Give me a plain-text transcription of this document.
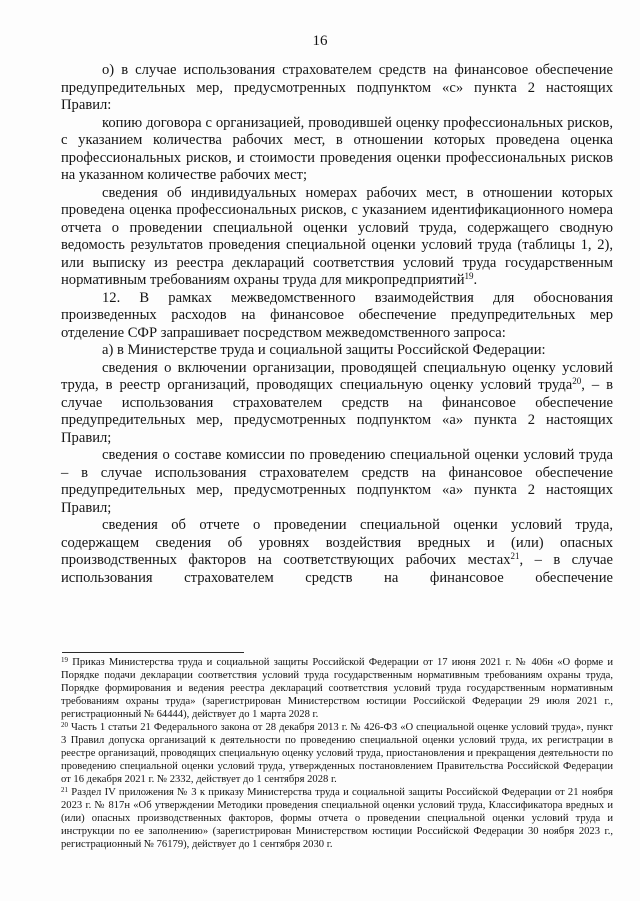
16

о) в случае использования страхователем средств на финансовое обеспечение предупредительных мер, предусмотренных подпунктом «с» пункта 2 настоящих Правил:

копию договора с организацией, проводившей оценку профессиональных рисков, с указанием количества рабочих мест, в отношении которых проведена оценка профессиональных рисков, и стоимости проведения оценки профессиональных рисков на указанном количестве рабочих мест;

сведения об индивидуальных номерах рабочих мест, в отношении которых проведена оценка профессиональных рисков, с указанием идентификационного номера отчета о проведении специальной оценки условий труда, содержащего сводную ведомость результатов проведения специальной оценки условий труда (таблицы 1, 2), или выписку из реестра деклараций соответствия условий труда государственным нормативным требованиям охраны труда для микропредприятий$^{19}$.

12. В рамках межведомственного взаимодействия для обоснования произведенных расходов на финансовое обеспечение предупредительных мер отделение СФР запрашивает посредством межведомственного запроса:

а) в Министерстве труда и социальной защиты Российской Федерации:

сведения о включении организации, проводящей специальную оценку условий труда, в реестр организаций, проводящих специальную оценку условий труда$^{20}$, – в случае использования страхователем средств на финансовое обеспечение предупредительных мер, предусмотренных подпунктом «а» пункта 2 настоящих Правил;

сведения о составе комиссии по проведению специальной оценки условий труда – в случае использования страхователем средств на финансовое обеспечение предупредительных мер, предусмотренных подпунктом «а» пункта 2 настоящих Правил;

сведения об отчете о проведении специальной оценки условий труда, содержащем сведения об уровнях воздействия вредных и (или) опасных производственных факторов на соответствующих рабочих местах$^{21}$, – в случае использования страхователем средств на финансовое обеспечение

$^{19}$ Приказ Министерства труда и социальной защиты Российской Федерации от 17 июня 2021 г. № 406н «О форме и Порядке подачи декларации соответствия условий труда государственным нормативным требованиям охраны труда, Порядке формирования и ведения реестра деклараций соответствия условий труда государственным нормативным требованиям охраны труда» (зарегистрирован Министерством юстиции Российской Федерации 29 июля 2021 г., регистрационный № 64444), действует до 1 марта 2028 г.

$^{20}$ Часть 1 статьи 21 Федерального закона от 28 декабря 2013 г. № 426-ФЗ «О специальной оценке условий труда», пункт 3 Правил допуска организаций к деятельности по проведению специальной оценки условий труда, их регистрации в реестре организаций, проводящих специальную оценку условий труда, приостановления и прекращения деятельности по проведению специальной оценки условий труда, утвержденных постановлением Правительства Российской Федерации от 16 декабря 2021 г. № 2332, действует до 1 сентября 2028 г.

$^{21}$ Раздел IV приложения № 3 к приказу Министерства труда и социальной защиты Российской Федерации от 21 ноября 2023 г. № 817н «Об утверждении Методики проведения специальной оценки условий труда, Классификатора вредных и (или) опасных производственных факторов, формы отчета о проведении специальной оценки условий труда и инструкции по ее заполнению» (зарегистрирован Министерством юстиции Российской Федерации 30 ноября 2023 г., регистрационный № 76179), действует до 1 сентября 2030 г.
